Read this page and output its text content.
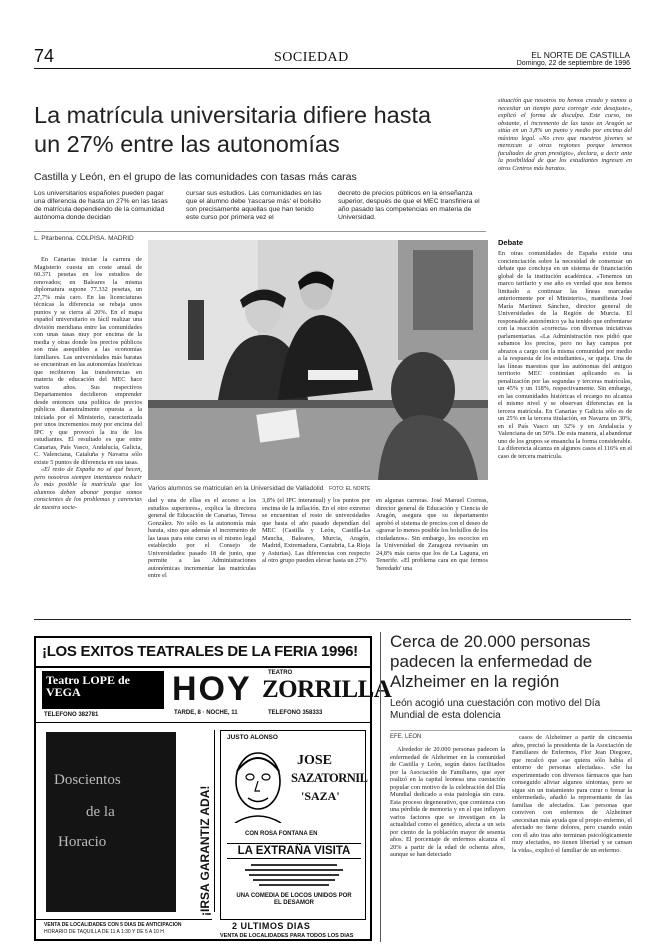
74	SOCIEDAD	EL NORTE DE CASTILLA
Domingo, 22 de septiembre de 1996
La matrícula universitaria difiere hasta un 27% entre las autonomías
Castilla y León, en el grupo de las comunidades con tasas más caras
Los universitarios españoles pueden pagar una diferencia de hasta un 27% en las tasas de matrícula dependiendo de la comunidad autónoma donde decidan
cursar sus estudios. Las comunidades en las que el alumno debe 'rascarse más' el bolsillo son precisamente aquellas que han tenido este curso por primera vez el
decreto de precios públicos en la enseñanza superior, después de que el MEC transfiriera el año pasado las competencias en materia de Universidad.
situación que nosotros no hemos creado y vamos a necesitar un tiempo para corregir este desajuste», explicó el forma de disculpa. Este curso, no obstante, el incremento de las tasas en Aragón se sitúa en un 3,8% un punto y medio por encima del máximo legal. «No creo que nuestros jóvenes se merezcan a otras regiones porque tenemos facultades de gran prestigio», declara, a decir ante la posibilidad de que los estudiantes ingresen en otros Centros más baratos.
L. Pitarbenna. COLPISA. MADRID
Varios alumnos se matriculan en la Universidad de Valladolid FOTO: EL NORTE

En Canarias iniciar la carrera de Magisterio cuesta un coste anual de 60.371 pesetas en los estudios de renovados; en Baleares la misma diplomatura supone 77.332 pesetas, un 27,7% más caro. En las licenciaturas técnicas la diferencia se rebaja unos puntos y se cierra al 20%. En el mapa español universitario es fácil realizar una división meridiana entre las comunidades con unas tasas muy por encima de la media y otras donde los precios públicos son más asequibles a las economías familiares. Las universidades más baratas se encuentran en las autonomías históricas que recibieron las transferencias en materia de educación del MEC hace varios años. Sus respectivos Departamentos decidieron emprender desde entonces una política de precios públicos diametralmente opuesta a la iniciada por el Ministerio, caracterizada por unos incrementos muy por encima del IPC y que provocó la ira de los estudiantes. El resultado es que entre Canarias, País Vasco, Andalucía, Galicia, C. Valenciana, Cataluña y Navarra sólo existe 5 puntos de diferencia en sus tasas.

«El resto de España no sé qué hecen, pero nosotros siempre intentamos reducir lo más posible la matrícula que los alumnos deben abonar porque somos conscientes de los problemas y carencias de nuestra socie-

dad y una de ellas es el acceso a los estudios superiores», explica la directora general de Educación de Canarias, Teresa González. No sólo es la autonomía más barata, sino que además el incremento de las tasas para este curso es el mismo legal establecido por el Consejo de Universidades: pasado 18 de junio, que permite a las Administraciones autonómicas incrementar las matrículas entre el
3,8% (el IPC interanual) y los puntos por encima de la inflación. En el otro extremo se encuentran el resto de universidades que hasta el año pasado dependían del MEC (Castilla y León, Castilla-La Mancha, Baleares, Murcia, Aragón, Madrid, Extremadura, Cantabria, La Rioja y Asturias). Las diferencias con respecto al otro grupo pueden elevar hasta un 27%
en algunas carreras. José Manuel Correas, director general de Educación y Ciencia de Aragón, asegura que su departamento aprobó el sistema de precios con el deseo de «gravar lo menos posible los bolsillos de los ciudadanos». Sin embargo, los escocios en la Universidad de Zaragoza revisarán un 24,8% más caros que los de La Laguna, en Tenerife. «El problema cara en que fermos 'heredado' una
Debate
En otras comunidades de España existe una concienciación sobre la necesidad de comenzar un debate que concluya en un sistema de financiación global de la institución académica. «Tenemos un marco tarifario y ese año es verdad que nos hemos limitado a continuar las líneas marcadas anteriormente por el Ministerio», manifiesta José María Martínez Sánchez, director general de Universidades de la Región de Murcia. El responsable autonómico ya ha tenido que enfrentarse con la reacción «correcta» con diversas iniciativas parlamentarias. «La Administración nos pidió que subamos los precios, pero no hay campus por abrazos a cargo con la misma comunidad por medio a la respuesta de los estudiantes», se queja. Una de las líneas maestras que las autónomas del antiguo territorio MEC continúan aplicando es la penalización por las segundas y terceras matrículas, un 45% y un 118%, respectivamente. Sin embargo, en las comunidades históricas el recargo no alcanza el mismo nivel y se observan diferencias en la tercera matrícula. En Canarias y Galicia sólo es de un 25% en la tercera titulación, en Navarra un 30%, en el País Vasco un 32% y en Andalucía y Valenciana de un 50%. De esta manera, al abandonar uno de los grupos se ensancha la forma considerable. La diferencia alcanza en algunos casos el 116% en el caso de tercera matrícula.
¡LOS EXITOS TEATRALES DE LA FERIA 1996!
Teatro LOPE de VEGA
TELEFONO 382781
HOY
TARDE, 8 · NOCHE, 11
TEATRO
ZORRILLA
TELEFONO 358333
Doscientos
de la
Horacio	¡IRSA GARANTIZ ADA!
JUSTO ALONSO
JOSE
SAZATORNIL
'SAZA'
CON ROSA FONTANA EN
LA EXTRAÑA VISITA
UNA COMEDIA DE LOCOS UNIDOS POR EL DESAMOR
2 ULTIMOS DIAS
VENTA DE LOCALIDADES CON 5 DIAS DE ANTICIPACION
HORARIO DE TAQUILLA DE 11 A 1:30 Y DE 5 A 10 H
VENTA DE LOCALIDADES PARA TODOS LOS DIAS
Cerca de 20.000 personas padecen la enfermedad de Alzheimer en la región
León acogió una cuestación con motivo del Día Mundial de esta dolencia
EFE. LEON
Alrededor de 20.000 personas padecen la enfermedad de Alzheimer en la comunidad de Castilla y León, según datos facilitados por la Asociación de Familiares, que ayer realizó en la capital leonesa una cuestación popular con motivo de la celebración del Día Mundial dedicado a esta patología sin cura. Esta proceso degenerativo, que comienza con una pérdida de memoria y en el que influyen varios factores que se investigan en la actualidad como el genético, afecta a un seis por ciento de la población mayor de sesenta años. El porcentaje de enfermos alcanza el 20% a partir de la edad de ochenta años, aunque se han detectado
casos de Alzheimer a partir de cincuenta años, precisó la presidenta de la Asociación de Familiares de Enfermos, Flor Jean Diegoez, que recalcó que «se quiera sólo había el entorno de personas afectadas». «Se ha experimentado con diversos fármacos que han conseguido aliviar algunos síntomas, pero se sigue sin un tratamiento para curar o frenar la enfermedad», añadió la representante de las familias de afectados. Las personas que conviven con enfermos de Alzheimer «necesitan más ayuda que el propio enfermo, el afectado no tiene dolores, pero cuando están con él año tras año terminan psicológicamente muy afectados, no tienen libertad y se cansan la vida», explicó el familiar de un enfermo.
